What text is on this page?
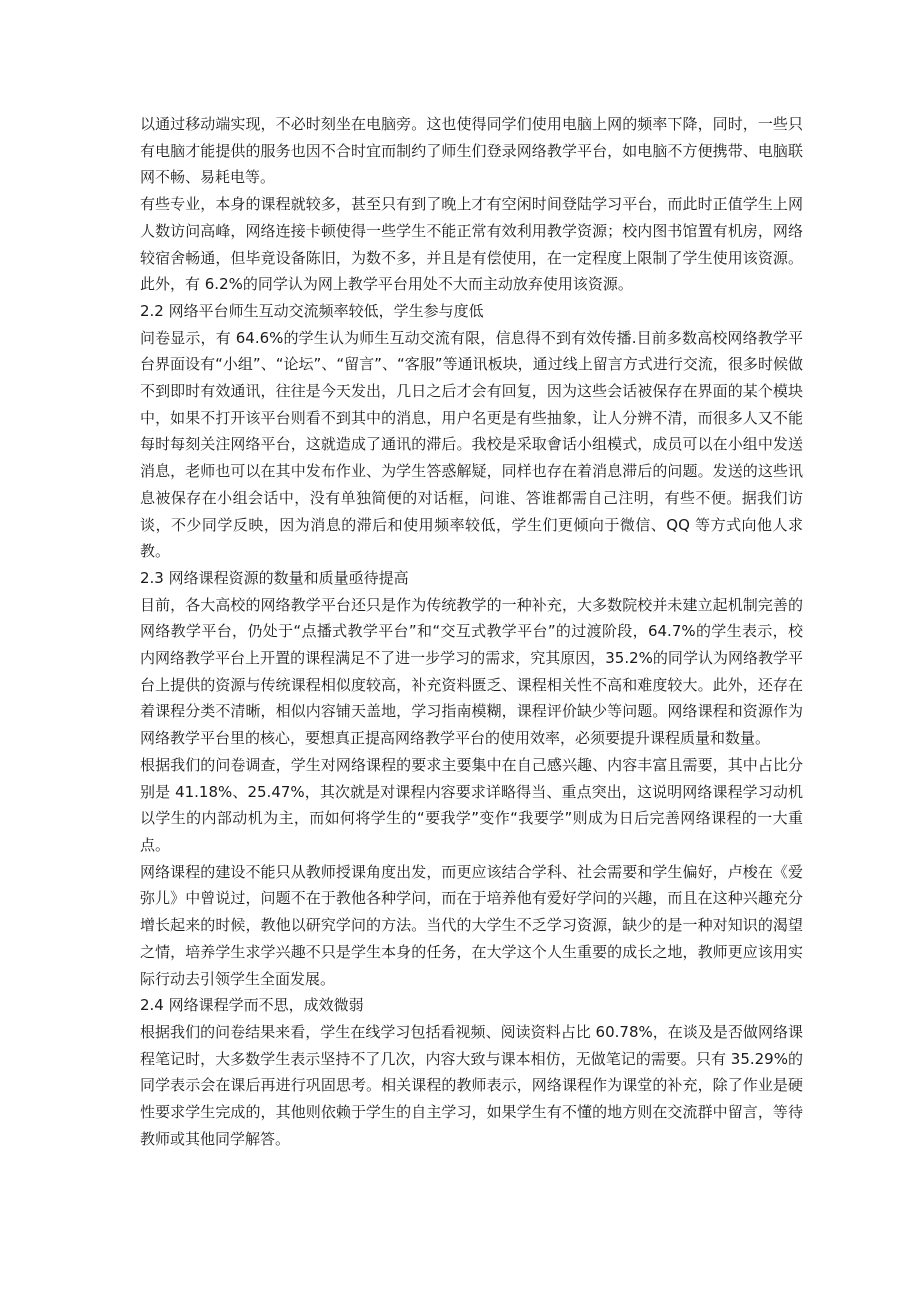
以通过移动端实现，不必时刻坐在电脑旁。这也使得同学们使用电脑上网的频率下降，同时，一些只有电脑才能提供的服务也因不合时宜而制约了师生们登录网络教学平台，如电脑不方便携带、电脑联网不畅、易耗电等。

有些专业，本身的课程就较多，甚至只有到了晚上才有空闲时间登陆学习平台，而此时正值学生上网人数访问高峰，网络连接卡顿使得一些学生不能正常有效利用教学资源；校内图书馆置有机房，网络较宿舍畅通，但毕竟设备陈旧，为数不多，并且是有偿使用，在一定程度上限制了学生使用该资源。此外，有 6.2%的同学认为网上教学平台用处不大而主动放弃使用该资源。

2.2 网络平台师生互动交流频率较低，学生参与度低

问卷显示，有 64.6%的学生认为师生互动交流有限，信息得不到有效传播.目前多数高校网络教学平台界面设有“小组”、“论坛”、“留言”、“客服”等通讯板块，通过线上留言方式进行交流，很多时候做不到即时有效通讯，往往是今天发出，几日之后才会有回复，因为这些会话被保存在界面的某个模块中，如果不打开该平台则看不到其中的消息，用户名更是有些抽象，让人分辨不清，而很多人又不能每时每刻关注网络平台，这就造成了通讯的滞后。我校是采取會话小组模式，成员可以在小组中发送消息，老师也可以在其中发布作业、为学生答惑解疑，同样也存在着消息滞后的问题。发送的这些讯息被保存在小组会话中，没有单独简便的对话框，问谁、答谁都需自己注明，有些不便。据我们访谈，不少同学反映，因为消息的滞后和使用频率较低，学生们更倾向于微信、QQ 等方式向他人求教。

2.3 网络课程资源的数量和质量亟待提高

目前，各大高校的网络教学平台还只是作为传统教学的一种补充，大多数院校并未建立起机制完善的网络教学平台，仍处于“点播式教学平台”和“交互式教学平台”的过渡阶段，64.7%的学生表示，校内网络教学平台上开置的课程满足不了进一步学习的需求，究其原因，35.2%的同学认为网络教学平台上提供的资源与传统课程相似度较高，补充资料匮乏、课程相关性不高和难度较大。此外，还存在着课程分类不清晰，相似内容铺天盖地，学习指南模糊，课程评价缺少等问题。网络课程和资源作为网络教学平台里的核心，要想真正提高网络教学平台的使用效率，必须要提升课程质量和数量。

根据我们的问卷调查，学生对网络课程的要求主要集中在自己感兴趣、内容丰富且需要，其中占比分别是 41.18%、25.47%，其次就是对课程内容要求详略得当、重点突出，这说明网络课程学习动机以学生的内部动机为主，而如何将学生的“要我学”变作“我要学”则成为日后完善网络课程的一大重点。

网络课程的建设不能只从教师授课角度出发，而更应该结合学科、社会需要和学生偏好，卢梭在《爱弥儿》中曾说过，问题不在于教他各种学问，而在于培养他有爱好学问的兴趣，而且在这种兴趣充分增长起来的时候，教他以研究学问的方法。当代的大学生不乏学习资源，缺少的是一种对知识的渴望之情，培养学生求学兴趣不只是学生本身的任务，在大学这个人生重要的成长之地，教师更应该用实际行动去引领学生全面发展。

2.4 网络课程学而不思，成效微弱

根据我们的问卷结果来看，学生在线学习包括看视频、阅读资料占比 60.78%，在谈及是否做网络课程笔记时，大多数学生表示坚持不了几次，内容大致与课本相仿，无做笔记的需要。只有 35.29%的同学表示会在课后再进行巩固思考。相关课程的教师表示，网络课程作为课堂的补充，除了作业是硬性要求学生完成的，其他则依赖于学生的自主学习，如果学生有不懂的地方则在交流群中留言，等待教师或其他同学解答。
